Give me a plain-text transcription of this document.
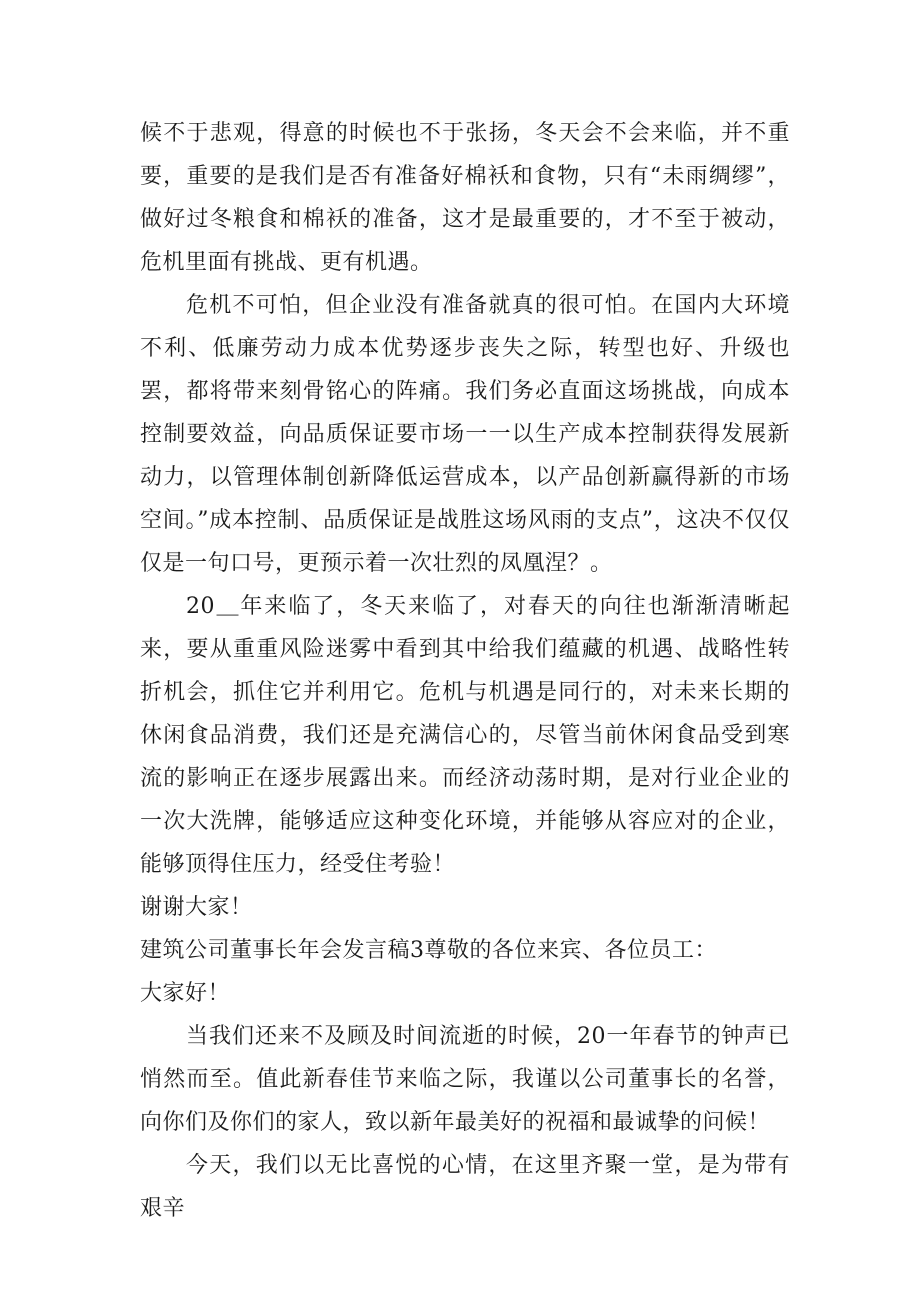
候不于悲观，得意的时候也不于张扬，冬天会不会来临，并不重要，重要的是我们是否有准备好棉袄和食物，只有“未雨绸缪”，做好过冬粮食和棉袄的准备，这才是最重要的，才不至于被动，危机里面有挑战、更有机遇。

危机不可怕，但企业没有准备就真的很可怕。在国内大环境不利、低廉劳动力成本优势逐步丧失之际，转型也好、升级也罢，都将带来刻骨铭心的阵痛。我们务必直面这场挑战，向成本控制要效益，向品质保证要市场一一以生产成本控制获得发展新动力，以管理体制创新降低运营成本，以产品创新赢得新的市场空间。”成本控制、品质保证是战胜这场风雨的支点”，这决不仅仅仅是一句口号，更预示着一次壮烈的凤凰涅？。

20＿年来临了，冬天来临了，对春天的向往也渐渐清晰起来，要从重重风险迷雾中看到其中给我们蕴藏的机遇、战略性转折机会，抓住它并利用它。危机与机遇是同行的，对未来长期的休闲食品消费，我们还是充满信心的，尽管当前休闲食品受到寒流的影响正在逐步展露出来。而经济动荡时期，是对行业企业的一次大洗牌，能够适应这种变化环境，并能够从容应对的企业，能够顶得住压力，经受住考验！

谢谢大家！

建筑公司董事长年会发言稿3尊敬的各位来宾、各位员工：

大家好！

当我们还来不及顾及时间流逝的时候，20一年春节的钟声已悄然而至。值此新春佳节来临之际，我谨以公司董事长的名誉，向你们及你们的家人，致以新年最美好的祝福和最诚挚的问候！

今天，我们以无比喜悦的心情，在这里齐聚一堂，是为带有艰辛
